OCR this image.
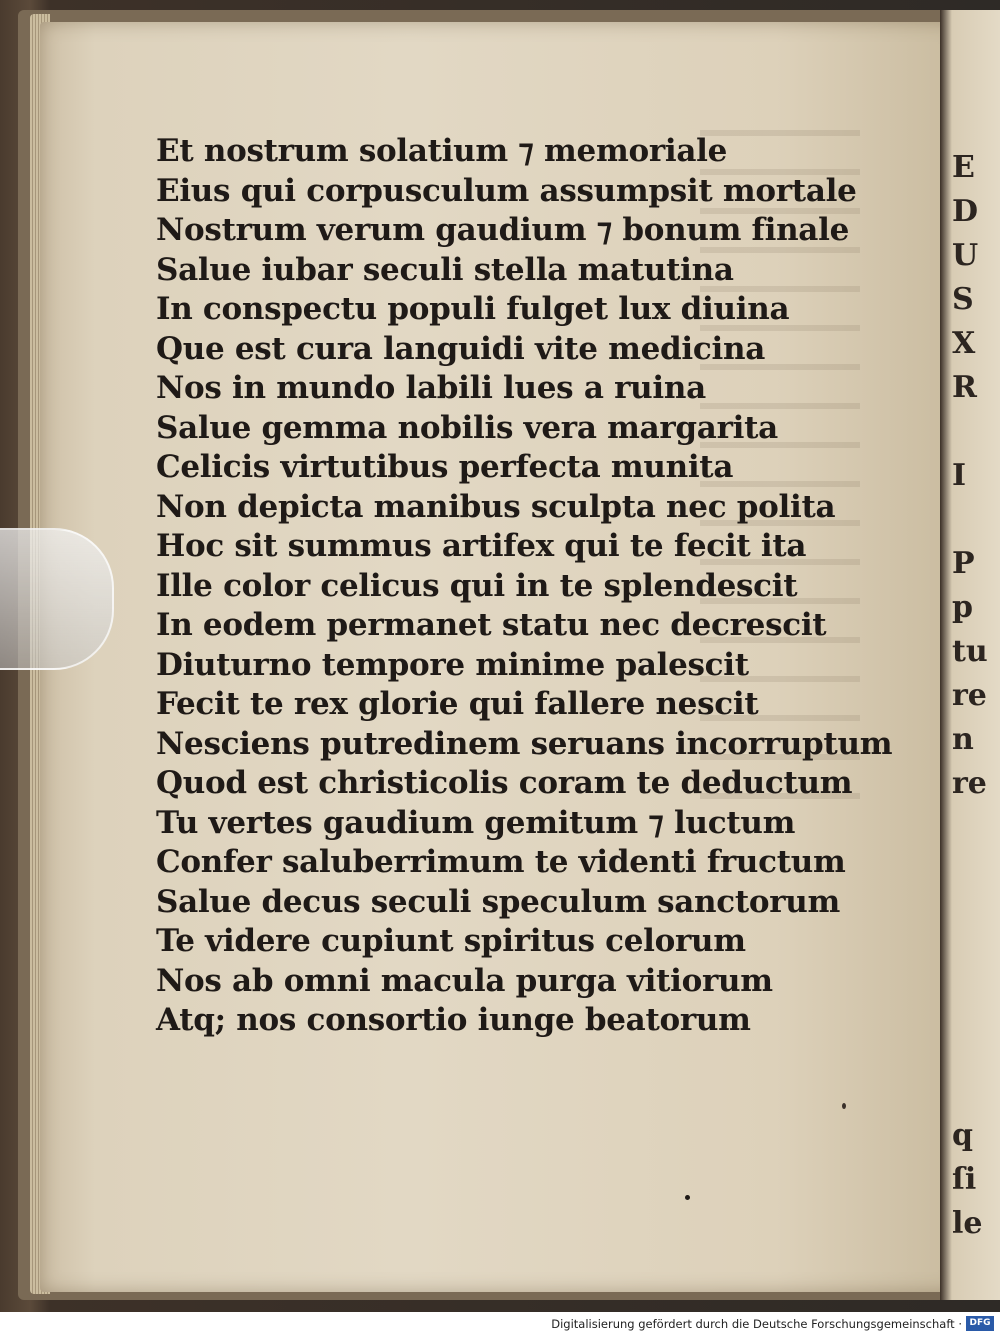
E
D
U
S
X
R

I

P
p
tu
re
n
re

q
ſi
le
Et nostrum solatium ⁊ memoriale
Eius qui corpusculum assumpsit mortale
Nostrum verum gaudium ⁊ bonum finale
Salue iubar seculi stella matutina
In conspectu populi fulget lux diuina
Que est cura languidi vite medicina
Nos in mundo labili lues a ruina
Salue gemma nobilis vera margarita
Celicis virtutibus perfecta munita
Non depicta manibus sculpta nec polita
Hoc sit summus artifex qui te fecit ita
Ille color celicus qui in te splendescit
In eodem permanet statu nec decrescit
Diuturno tempore minime palescit
Fecit te rex glorie qui fallere nescit
Nesciens putredinem seruans incorruptum
Quod est christicolis coram te deductum
Tu vertes gaudium gemitum ⁊ luctum
Confer saluberrimum te videnti fructum
Salue decus seculi speculum sanctorum
Te videre cupiunt spiritus celorum
Nos ab omni macula purga vitiorum
Atq; nos consortio iunge beatorum
Digitalisierung gefördert durch die Deutsche Forschungsgemeinschaft · DFG
